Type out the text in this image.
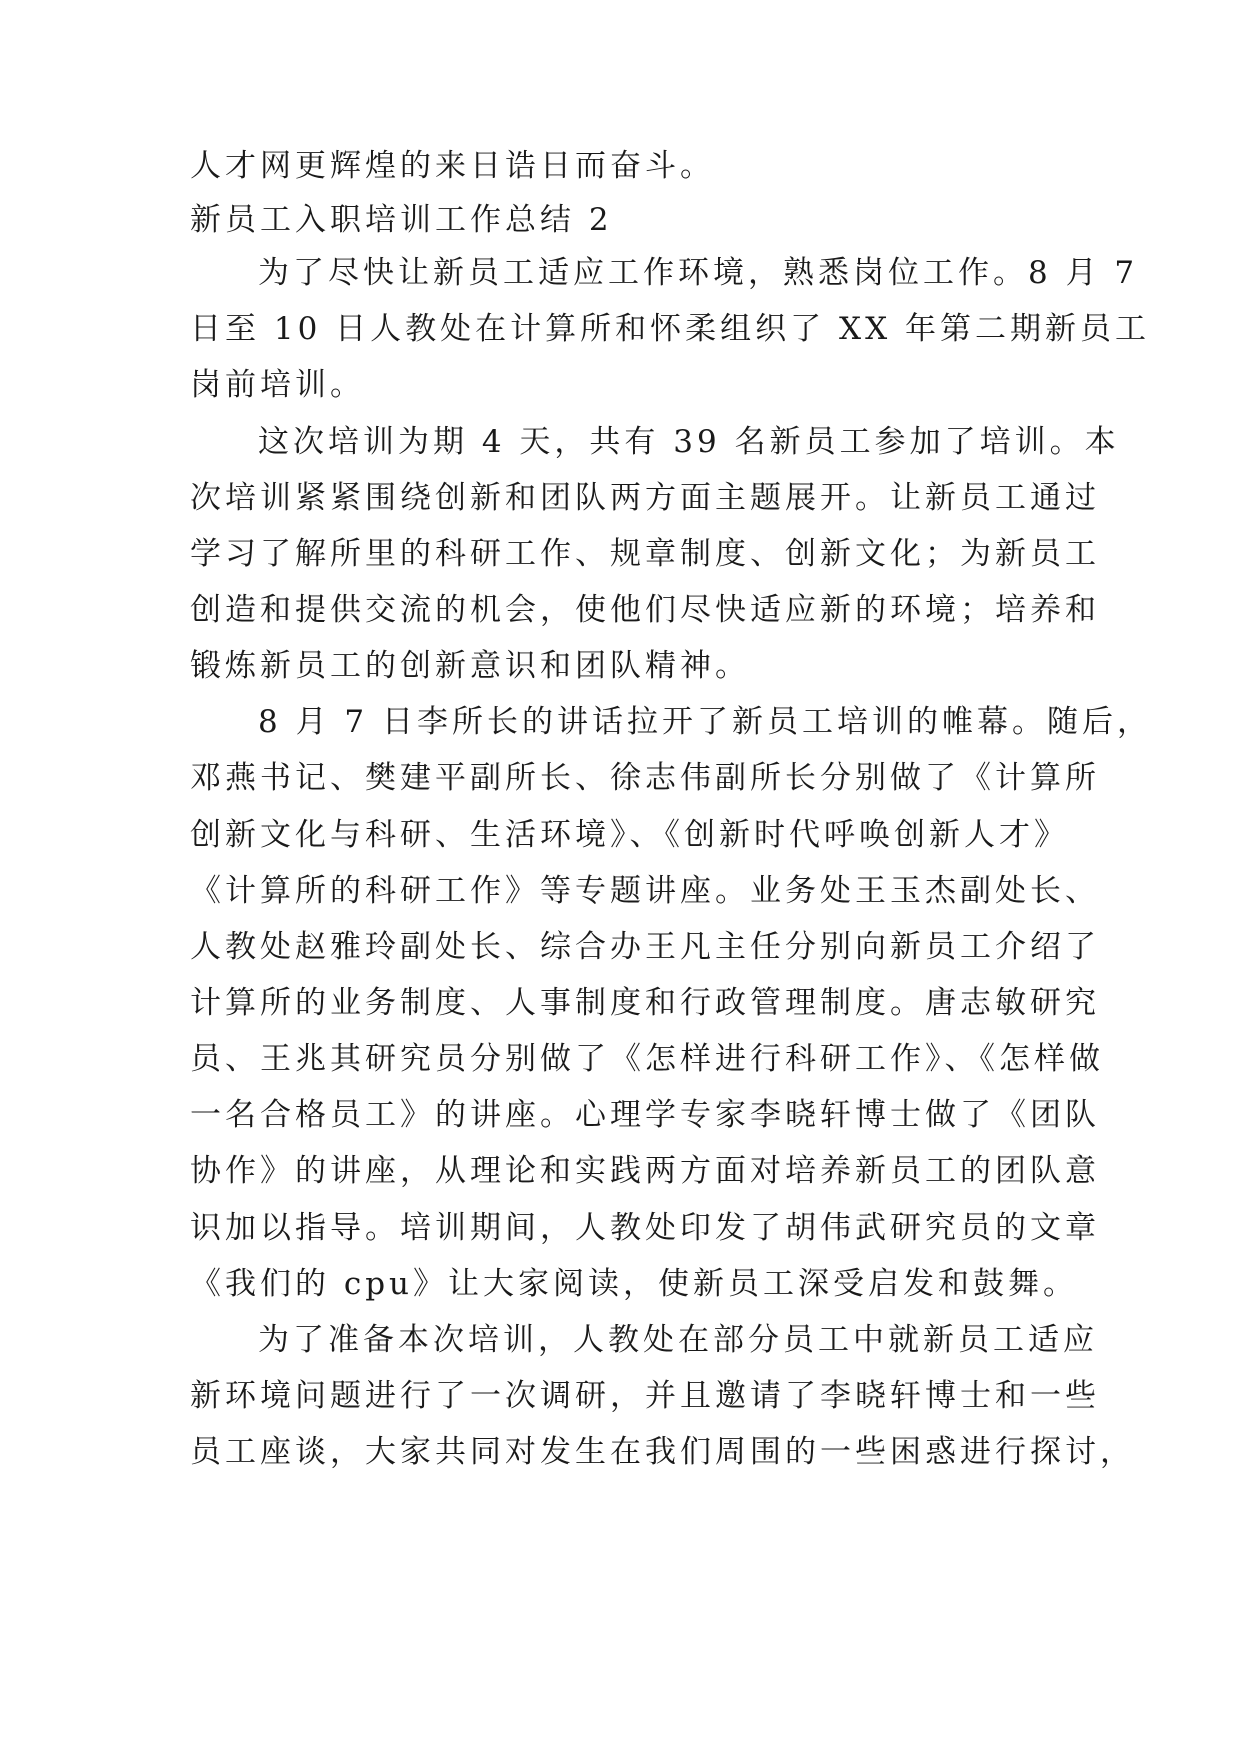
人才网更辉煌的来日诰日而奋斗。

新员工入职培训工作总结 2

为了尽快让新员工适应工作环境，熟悉岗位工作。8 月 7

日至 10 日人教处在计算所和怀柔组织了 XX 年第二期新员工

岗前培训。

这次培训为期 4 天，共有 39 名新员工参加了培训。本

次培训紧紧围绕创新和团队两方面主题展开。让新员工通过

学习了解所里的科研工作、规章制度、创新文化；为新员工

创造和提供交流的机会，使他们尽快适应新的环境；培养和

锻炼新员工的创新意识和团队精神。

8 月 7 日李所长的讲话拉开了新员工培训的帷幕。随后，

邓燕书记、樊建平副所长、徐志伟副所长分别做了《计算所

创新文化与科研、生活环境》、《创新时代呼唤创新人才》

《计算所的科研工作》等专题讲座。业务处王玉杰副处长、

人教处赵雅玲副处长、综合办王凡主任分别向新员工介绍了

计算所的业务制度、人事制度和行政管理制度。唐志敏研究

员、王兆其研究员分别做了《怎样进行科研工作》、《怎样做

一名合格员工》的讲座。心理学专家李晓轩博士做了《团队

协作》的讲座，从理论和实践两方面对培养新员工的团队意

识加以指导。培训期间，人教处印发了胡伟武研究员的文章

《我们的 cpu》让大家阅读，使新员工深受启发和鼓舞。

为了准备本次培训，人教处在部分员工中就新员工适应

新环境问题进行了一次调研，并且邀请了李晓轩博士和一些

员工座谈，大家共同对发生在我们周围的一些困惑进行探讨，
